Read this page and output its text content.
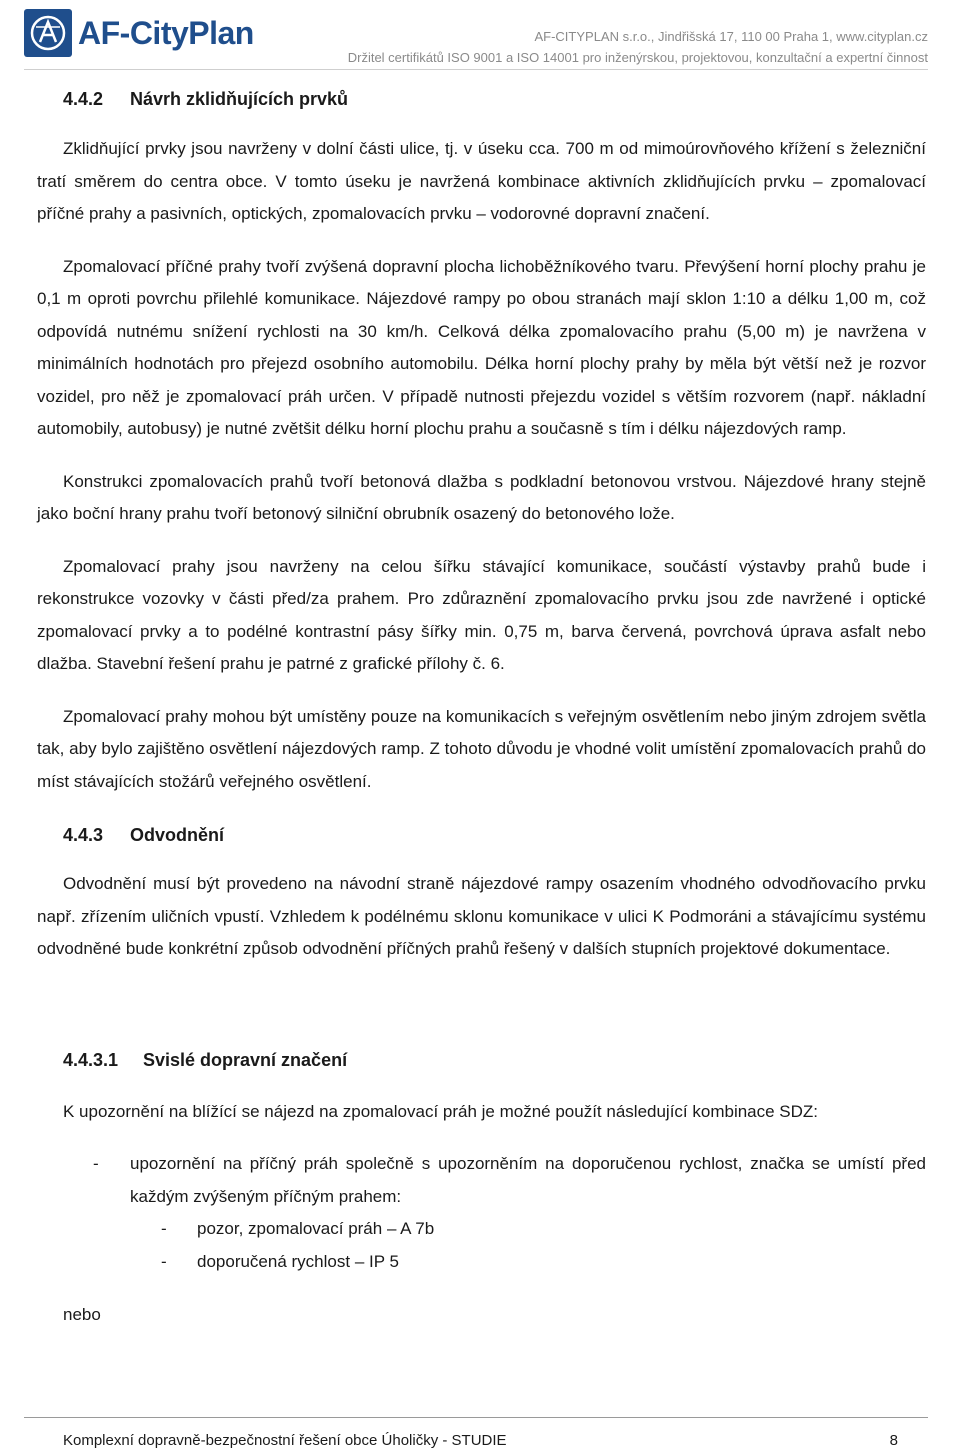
AF-CityPlan	AF-CITYPLAN s.r.o., Jindřišská 17, 110 00 Praha 1, www.cityplan.cz
Držitel certifikátů ISO 9001 a ISO 14001 pro inženýrskou, projektovou, konzultační a expertní činnost
4.4.2 Návrh zklidňujících prvků

Zklidňující prvky jsou navrženy v dolní části ulice, tj. v úseku cca. 700 m od mimoúrovňového křížení s železniční tratí směrem do centra obce. V tomto úseku je navržená kombinace aktivních zklidňujících prvku – zpomalovací příčné prahy a pasivních, optických, zpomalovacích prvku – vodorovné dopravní značení.

Zpomalovací příčné prahy tvoří zvýšená dopravní plocha lichoběžníkového tvaru. Převýšení horní plochy prahu je 0,1 m oproti povrchu přilehlé komunikace. Nájezdové rampy po obou stranách mají sklon 1:10 a délku 1,00 m, což odpovídá nutnému snížení rychlosti na 30 km/h. Celková délka zpomalovacího prahu (5,00 m) je navržena v minimálních hodnotách pro přejezd osobního automobilu. Délka horní plochy prahy by měla být větší než je rozvor vozidel, pro něž je zpomalovací práh určen. V případě nutnosti přejezdu vozidel s větším rozvorem (např. nákladní automobily, autobusy) je nutné zvětšit délku horní plochu prahu a současně s tím i délku nájezdových ramp.

Konstrukci zpomalovacích prahů tvoří betonová dlažba s podkladní betonovou vrstvou. Nájezdové hrany stejně jako boční hrany prahu tvoří betonový silniční obrubník osazený do betonového lože.

Zpomalovací prahy jsou navrženy na celou šířku stávající komunikace, součástí výstavby prahů bude i rekonstrukce vozovky v části před/za prahem. Pro zdůraznění zpomalovacího prvku jsou zde navržené i optické zpomalovací prvky a to podélné kontrastní pásy šířky min. 0,75 m, barva červená, povrchová úprava asfalt nebo dlažba. Stavební řešení prahu je patrné z grafické přílohy č. 6.

Zpomalovací prahy mohou být umístěny pouze na komunikacích s veřejným osvětlením nebo jiným zdrojem světla tak, aby bylo zajištěno osvětlení nájezdových ramp. Z tohoto důvodu je vhodné volit umístění zpomalovacích prahů do míst stávajících stožárů veřejného osvětlení.

4.4.3 Odvodnění

Odvodnění musí být provedeno na návodní straně nájezdové rampy osazením vhodného odvodňovacího prvku např. zřízením uličních vpustí. Vzhledem k podélnému sklonu komunikace v ulici K Podmoráni a stávajícímu systému odvodněné bude konkrétní způsob odvodnění příčných prahů řešený v dalších stupních projektové dokumentace.

4.4.3.1 Svislé dopravní značení

K upozornění na blížící se nájezd na zpomalovací práh je možné použít následující kombinace SDZ:

- upozornění na příčný práh společně s upozorněním na doporučenou rychlost, značka se umístí před každým zvýšeným příčným prahem:
- pozor, zpomalovací práh – A 7b
- doporučená rychlost – IP 5

nebo

Komplexní dopravně-bezpečnostní řešení obce Úholičky - STUDIE	8
